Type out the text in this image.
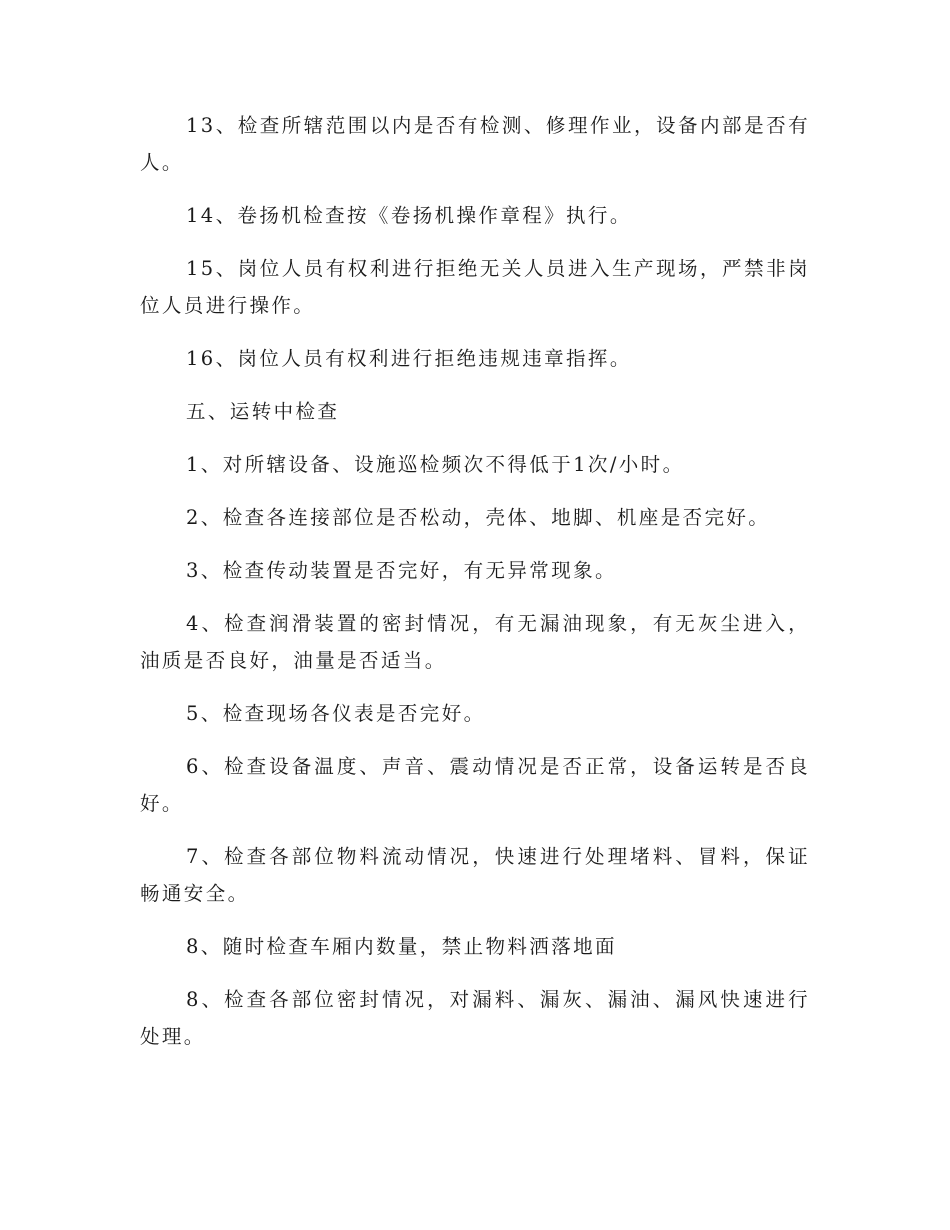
13、检查所辖范围以内是否有检测、修理作业，设备内部是否有人。

14、卷扬机检查按《卷扬机操作章程》执行。

15、岗位人员有权利进行拒绝无关人员进入生产现场，严禁非岗位人员进行操作。

16、岗位人员有权利进行拒绝违规违章指挥。

五、运转中检查

1、对所辖设备、设施巡检频次不得低于1次/小时。

2、检查各连接部位是否松动，壳体、地脚、机座是否完好。

3、检查传动装置是否完好，有无异常现象。

4、检查润滑装置的密封情况，有无漏油现象，有无灰尘进入，油质是否良好，油量是否适当。

5、检查现场各仪表是否完好。

6、检查设备温度、声音、震动情况是否正常，设备运转是否良好。

7、检查各部位物料流动情况，快速进行处理堵料、冒料，保证畅通安全。

8、随时检查车厢内数量，禁止物料洒落地面

8、检查各部位密封情况，对漏料、漏灰、漏油、漏风快速进行处理。
